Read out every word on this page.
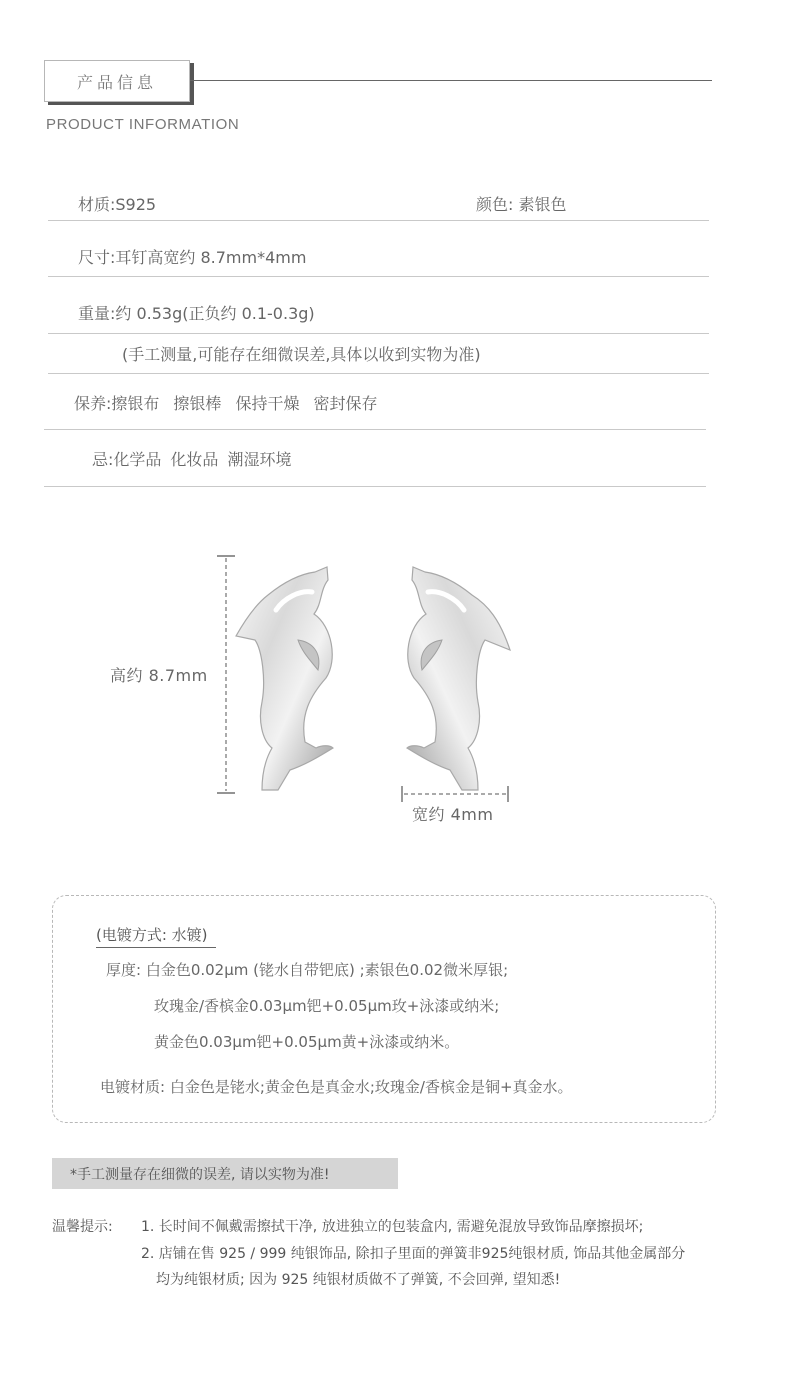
产品信息
PRODUCT INFORMATION
材质:S925	颜色: 素银色
尺寸:耳钉高宽约 8.7mm*4mm
重量:约 0.53g(正负约 0.1-0.3g)
(手工测量,可能存在细微误差,具体以收到实物为准)
保养:擦银布 擦银棒 保持干燥 密封保存
忌:化学品 化妆品 潮湿环境
高约 8.7mm
宽约 4mm
(电镀方式: 水镀)
厚度: 白金色0.02μm (铑水自带钯底) ;素银色0.02微米厚银;
玫瑰金/香槟金0.03μm钯+0.05μm玫+泳漆或纳米;
黄金色0.03μm钯+0.05μm黄+泳漆或纳米。
电镀材质: 白金色是铑水;黄金色是真金水;玫瑰金/香槟金是铜+真金水。
*手工测量存在细微的误差, 请以实物为准!
温馨提示: 1. 长时间不佩戴需擦拭干净, 放进独立的包装盒内, 需避免混放导致饰品摩擦损坏;
2. 店铺在售 925 / 999 纯银饰品, 除扣子里面的弹簧非925纯银材质, 饰品其他金属部分
均为纯银材质; 因为 925 纯银材质做不了弹簧, 不会回弹, 望知悉!
